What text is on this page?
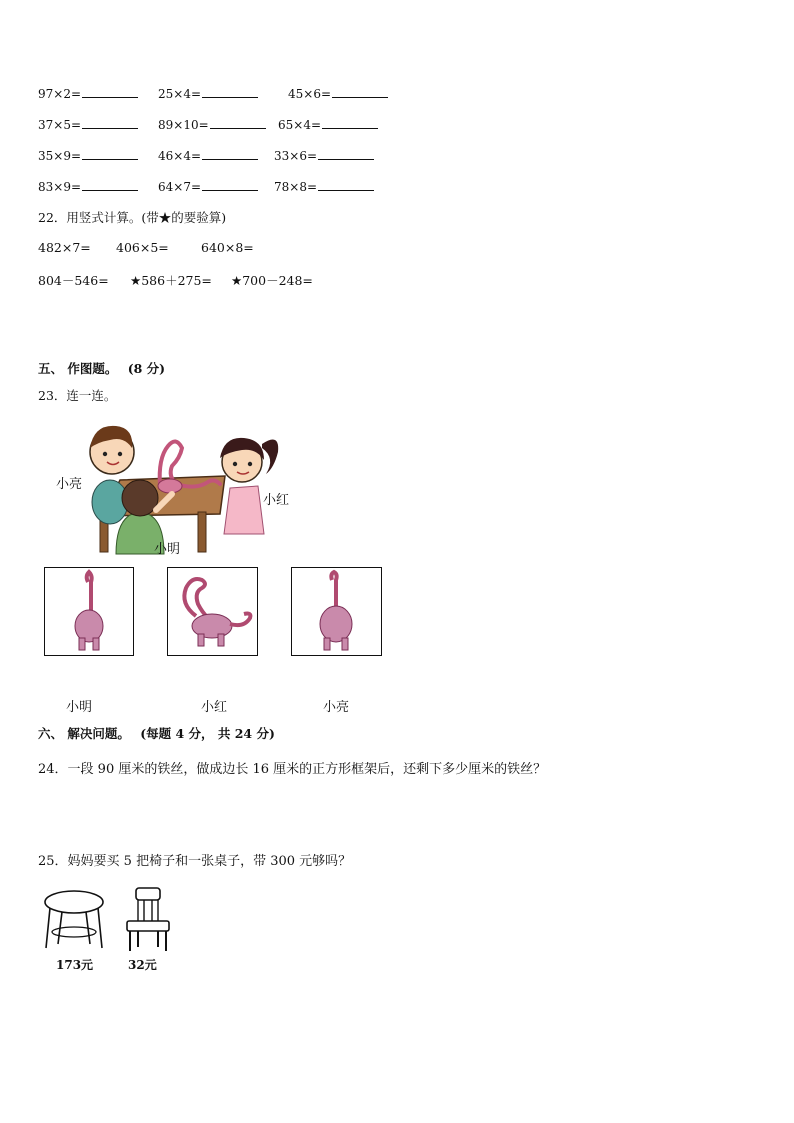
97×2=	25×4=	45×6=
37×5=	89×10=	65×4=
35×9=	46×4=	33×6=
83×9=	64×7=	78×8=
22．用竖式计算。(带★的要验算)
482×7= 406×5=	640×8=
804－546= ★586＋275= ★700－248=
五、 作图题。 (8 分)
23．连一连。
小亮
小红
小明
小明	小红	小亮
六、 解决问题。 (每题 4 分， 共 24 分)
24．一段 90 厘米的铁丝，做成边长 16 厘米的正方形框架后，还剩下多少厘米的铁丝？
25．妈妈要买 5 把椅子和一张桌子，带 300 元够吗？
173元	32元
